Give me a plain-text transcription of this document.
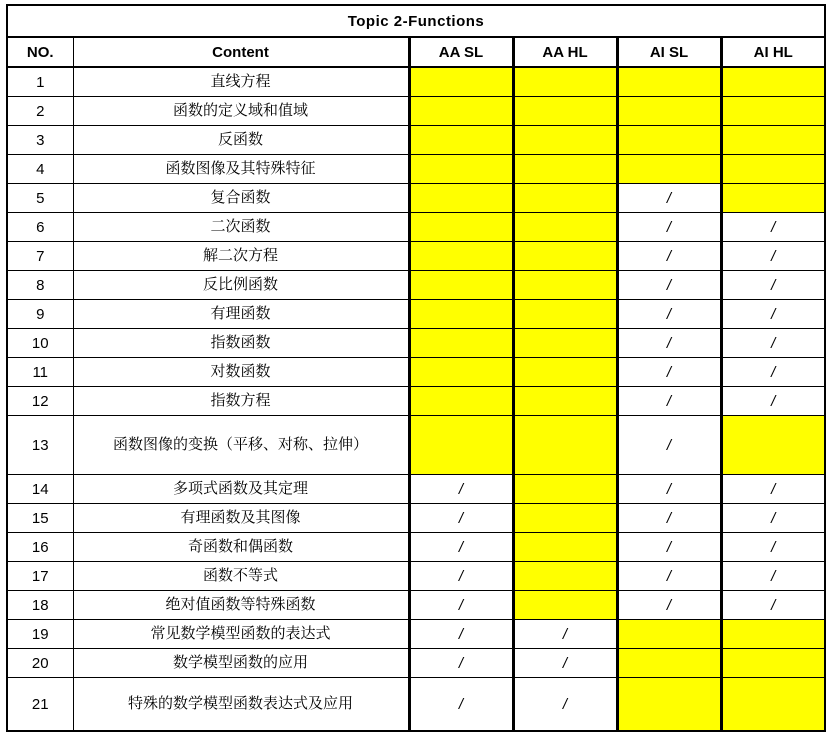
Topic 2-Functions					
NO.	Content	AA SL	AA HL	AI SL	AI HL
1	直线方程				
2	函数的定义域和值域				
3	反函数				
4	函数图像及其特殊特征				
5	复合函数			/	
6	二次函数			/	/
7	解二次方程			/	/
8	反比例函数			/	/
9	有理函数			/	/
10	指数函数			/	/
11	对数函数			/	/
12	指数方程			/	/
13	函数图像的变换（平移、对称、拉伸）			/	
14	多项式函数及其定理	/		/	/
15	有理函数及其图像	/		/	/
16	奇函数和偶函数	/		/	/
17	函数不等式	/		/	/
18	绝对值函数等特殊函数	/		/	/
19	常见数学模型函数的表达式	/	/		
20	数学模型函数的应用	/	/		
21	特殊的数学模型函数表达式及应用	/	/		
